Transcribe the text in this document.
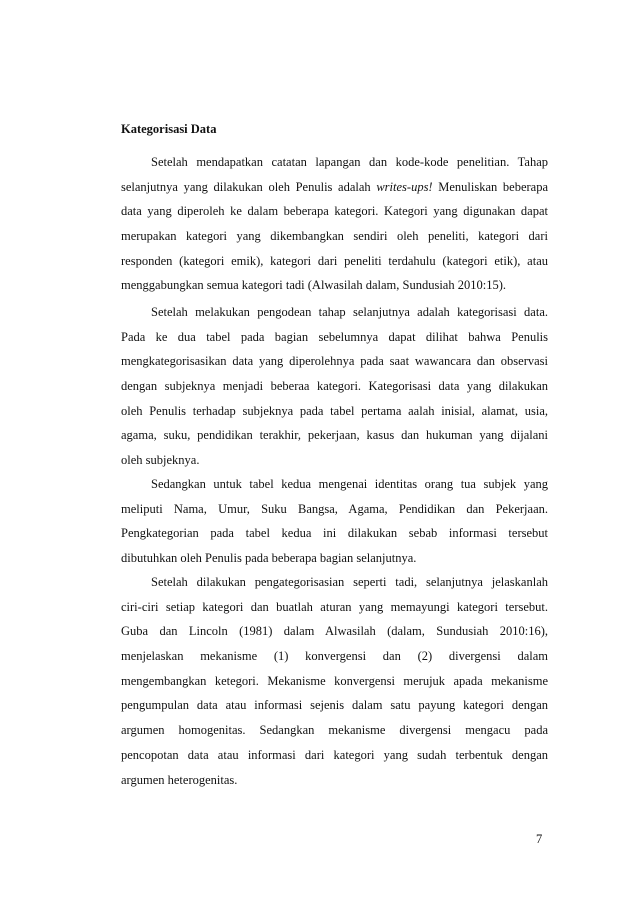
Kategorisasi Data
Setelah mendapatkan catatan lapangan dan kode-kode penelitian. Tahap
selanjutnya yang dilakukan oleh Penulis adalah writes-ups! Menuliskan beberapa
data yang diperoleh ke dalam beberapa kategori. Kategori yang digunakan dapat
merupakan kategori yang dikembangkan sendiri oleh peneliti, kategori dari
responden (kategori emik), kategori dari peneliti terdahulu (kategori etik), atau
menggabungkan semua kategori tadi (Alwasilah dalam, Sundusiah 2010:15).
Setelah melakukan pengodean tahap selanjutnya adalah kategorisasi data.
Pada ke dua tabel pada bagian sebelumnya dapat dilihat bahwa Penulis
mengkategorisasikan data yang diperolehnya pada saat wawancara dan observasi
dengan subjeknya menjadi beberaa kategori. Kategorisasi data yang dilakukan
oleh Penulis terhadap subjeknya pada tabel pertama aalah inisial, alamat, usia,
agama, suku, pendidikan terakhir, pekerjaan, kasus dan hukuman yang dijalani
oleh subjeknya.
Sedangkan untuk tabel kedua mengenai identitas orang tua subjek yang
meliputi Nama, Umur, Suku Bangsa, Agama, Pendidikan dan Pekerjaan.
Pengkategorian pada tabel kedua ini dilakukan sebab informasi tersebut
dibutuhkan oleh Penulis pada beberapa bagian selanjutnya.
Setelah dilakukan pengategorisasian seperti tadi, selanjutnya jelaskanlah
ciri-ciri setiap kategori dan buatlah aturan yang memayungi kategori tersebut.
Guba dan Lincoln (1981) dalam Alwasilah (dalam, Sundusiah 2010:16),
menjelaskan mekanisme (1) konvergensi dan (2) divergensi dalam
mengembangkan ketegori. Mekanisme konvergensi merujuk apada mekanisme
pengumpulan data atau informasi sejenis dalam satu payung kategori dengan
argumen homogenitas. Sedangkan mekanisme divergensi mengacu pada
pencopotan data atau informasi dari kategori yang sudah terbentuk dengan
argumen heterogenitas.
7
